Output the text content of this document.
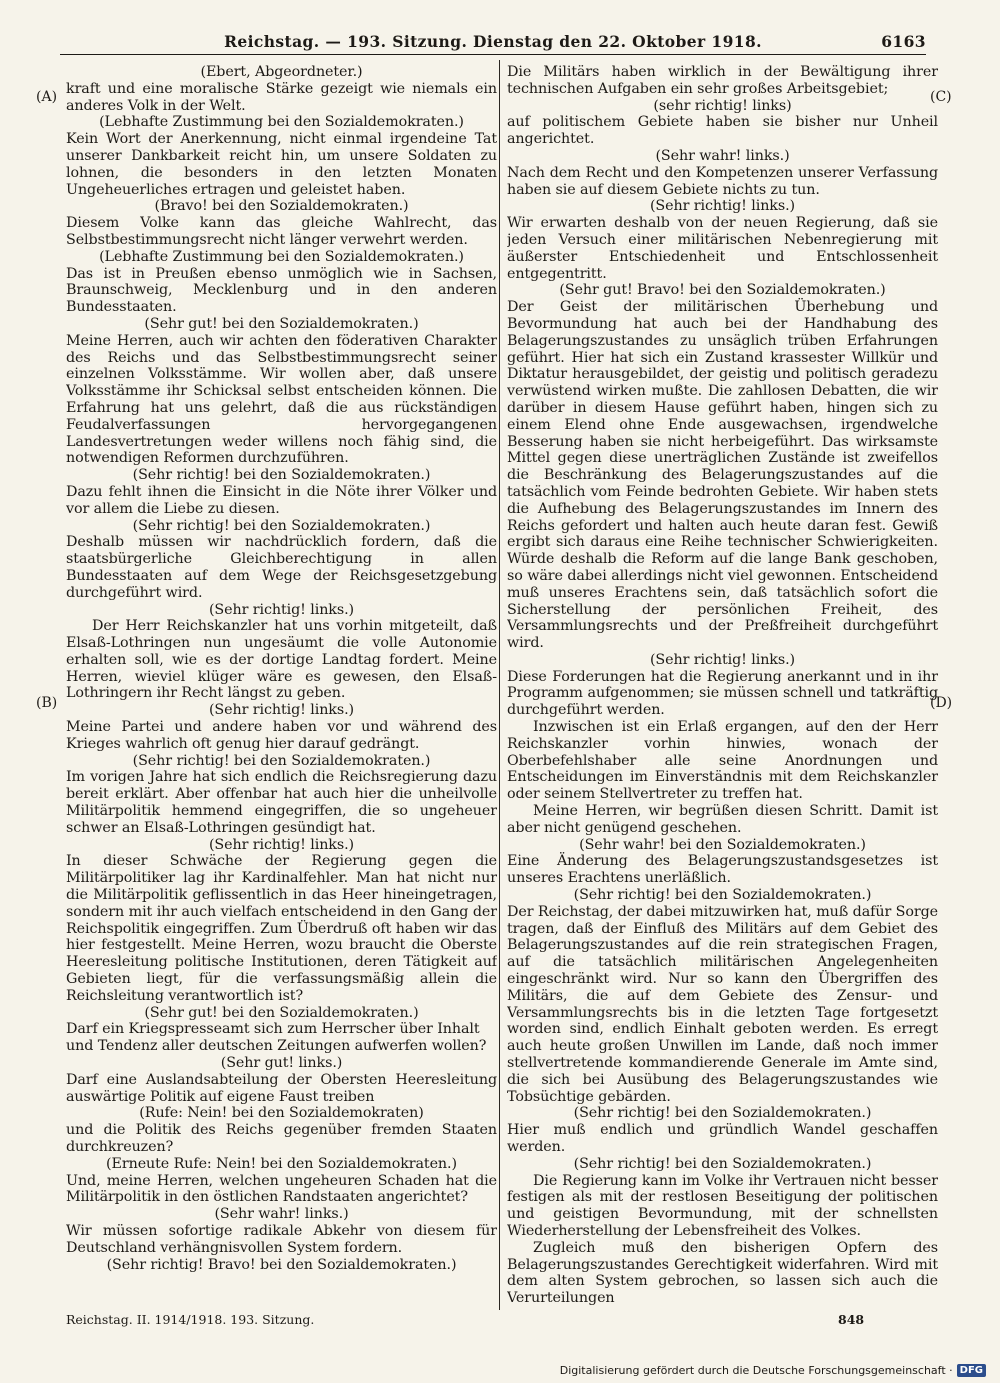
Reichstag. — 193. Sitzung. Dienstag den 22. Oktober 1918.	6163
(A)
(B)
(C)
(D)

(Ebert, Abgeordneter.)

kraft und eine moralische Stärke gezeigt wie niemals ein anderes Volk in der Welt.

(Lebhafte Zustimmung bei den Sozialdemokraten.)

Kein Wort der Anerkennung, nicht einmal irgendeine Tat unserer Dankbarkeit reicht hin, um unsere Soldaten zu lohnen, die besonders in den letzten Monaten Ungeheuerliches ertragen und geleistet haben.

(Bravo! bei den Sozialdemokraten.)

Diesem Volke kann das gleiche Wahlrecht, das Selbstbestimmungsrecht nicht länger verwehrt werden.

(Lebhafte Zustimmung bei den Sozialdemokraten.)

Das ist in Preußen ebenso unmöglich wie in Sachsen, Braunschweig, Mecklenburg und in den anderen Bundesstaaten.

(Sehr gut! bei den Sozialdemokraten.)

Meine Herren, auch wir achten den föderativen Charakter des Reichs und das Selbstbestimmungsrecht seiner einzelnen Volksstämme. Wir wollen aber, daß unsere Volksstämme ihr Schicksal selbst entscheiden können. Die Erfahrung hat uns gelehrt, daß die aus rückständigen Feudalverfassungen hervorgegangenen Landesvertretungen weder willens noch fähig sind, die notwendigen Reformen durchzuführen.

(Sehr richtig! bei den Sozialdemokraten.)

Dazu fehlt ihnen die Einsicht in die Nöte ihrer Völker und vor allem die Liebe zu diesen.

(Sehr richtig! bei den Sozialdemokraten.)

Deshalb müssen wir nachdrücklich fordern, daß die staatsbürgerliche Gleichberechtigung in allen Bundesstaaten auf dem Wege der Reichsgesetzgebung durchgeführt wird.

(Sehr richtig! links.)

Der Herr Reichskanzler hat uns vorhin mitgeteilt, daß Elsaß-Lothringen nun ungesäumt die volle Autonomie erhalten soll, wie es der dortige Landtag fordert. Meine Herren, wieviel klüger wäre es gewesen, den Elsaß-Lothringern ihr Recht längst zu geben.

(Sehr richtig! links.)

Meine Partei und andere haben vor und während des Krieges wahrlich oft genug hier darauf gedrängt.

(Sehr richtig! bei den Sozialdemokraten.)

Im vorigen Jahre hat sich endlich die Reichsregierung dazu bereit erklärt. Aber offenbar hat auch hier die unheilvolle Militärpolitik hemmend eingegriffen, die so ungeheuer schwer an Elsaß-Lothringen gesündigt hat.

(Sehr richtig! links.)

In dieser Schwäche der Regierung gegen die Militärpolitiker lag ihr Kardinalfehler. Man hat nicht nur die Militärpolitik geflissentlich in das Heer hineingetragen, sondern mit ihr auch vielfach entscheidend in den Gang der Reichspolitik eingegriffen. Zum Überdruß oft haben wir das hier festgestellt. Meine Herren, wozu braucht die Oberste Heeresleitung politische Institutionen, deren Tätigkeit auf Gebieten liegt, für die verfassungsmäßig allein die Reichsleitung verantwortlich ist?

(Sehr gut! bei den Sozialdemokraten.)

Darf ein Kriegspresseamt sich zum Herrscher über Inhalt und Tendenz aller deutschen Zeitungen aufwerfen wollen?

(Sehr gut! links.)

Darf eine Auslandsabteilung der Obersten Heeresleitung auswärtige Politik auf eigene Faust treiben

(Rufe: Nein! bei den Sozialdemokraten)

und die Politik des Reichs gegenüber fremden Staaten durchkreuzen?

(Erneute Rufe: Nein! bei den Sozialdemokraten.)

Und, meine Herren, welchen ungeheuren Schaden hat die Militärpolitik in den östlichen Randstaaten angerichtet?

(Sehr wahr! links.)

Wir müssen sofortige radikale Abkehr von diesem für Deutschland verhängnisvollen System fordern.

(Sehr richtig! Bravo! bei den Sozialdemokraten.)

Die Militärs haben wirklich in der Bewältigung ihrer technischen Aufgaben ein sehr großes Arbeitsgebiet;

(sehr richtig! links)

auf politischem Gebiete haben sie bisher nur Unheil angerichtet.

(Sehr wahr! links.)

Nach dem Recht und den Kompetenzen unserer Verfassung haben sie auf diesem Gebiete nichts zu tun.

(Sehr richtig! links.)

Wir erwarten deshalb von der neuen Regierung, daß sie jeden Versuch einer militärischen Nebenregierung mit äußerster Entschiedenheit und Entschlossenheit entgegentritt.

(Sehr gut! Bravo! bei den Sozialdemokraten.)

Der Geist der militärischen Überhebung und Bevormundung hat auch bei der Handhabung des Belagerungszustandes zu unsäglich trüben Erfahrungen geführt. Hier hat sich ein Zustand krassester Willkür und Diktatur herausgebildet, der geistig und politisch geradezu verwüstend wirken mußte. Die zahllosen Debatten, die wir darüber in diesem Hause geführt haben, hingen sich zu einem Elend ohne Ende ausgewachsen, irgendwelche Besserung haben sie nicht herbeigeführt. Das wirksamste Mittel gegen diese unerträglichen Zustände ist zweifellos die Beschränkung des Belagerungszustandes auf die tatsächlich vom Feinde bedrohten Gebiete. Wir haben stets die Aufhebung des Belagerungszustandes im Innern des Reichs gefordert und halten auch heute daran fest. Gewiß ergibt sich daraus eine Reihe technischer Schwierigkeiten. Würde deshalb die Reform auf die lange Bank geschoben, so wäre dabei allerdings nicht viel gewonnen. Entscheidend muß unseres Erachtens sein, daß tatsächlich sofort die Sicherstellung der persönlichen Freiheit, des Versammlungsrechts und der Preßfreiheit durchgeführt wird.

(Sehr richtig! links.)

Diese Forderungen hat die Regierung anerkannt und in ihr Programm aufgenommen; sie müssen schnell und tatkräftig durchgeführt werden.

Inzwischen ist ein Erlaß ergangen, auf den der Herr Reichskanzler vorhin hinwies, wonach der Oberbefehlshaber alle seine Anordnungen und Entscheidungen im Einverständnis mit dem Reichskanzler oder seinem Stellvertreter zu treffen hat.

Meine Herren, wir begrüßen diesen Schritt. Damit ist aber nicht genügend geschehen.

(Sehr wahr! bei den Sozialdemokraten.)

Eine Änderung des Belagerungszustandsgesetzes ist unseres Erachtens unerläßlich.

(Sehr richtig! bei den Sozialdemokraten.)

Der Reichstag, der dabei mitzuwirken hat, muß dafür Sorge tragen, daß der Einfluß des Militärs auf dem Gebiet des Belagerungszustandes auf die rein strategischen Fragen, auf die tatsächlich militärischen Angelegenheiten eingeschränkt wird. Nur so kann den Übergriffen des Militärs, die auf dem Gebiete des Zensur- und Versammlungsrechts bis in die letzten Tage fortgesetzt worden sind, endlich Einhalt geboten werden. Es erregt auch heute großen Unwillen im Lande, daß noch immer stellvertretende kommandierende Generale im Amte sind, die sich bei Ausübung des Belagerungszustandes wie Tobsüchtige gebärden.

(Sehr richtig! bei den Sozialdemokraten.)

Hier muß endlich und gründlich Wandel geschaffen werden.

(Sehr richtig! bei den Sozialdemokraten.)

Die Regierung kann im Volke ihr Vertrauen nicht besser festigen als mit der restlosen Beseitigung der politischen und geistigen Bevormundung, mit der schnellsten Wiederherstellung der Lebensfreiheit des Volkes.

Zugleich muß den bisherigen Opfern des Belagerungszustandes Gerechtigkeit widerfahren. Wird mit dem alten System gebrochen, so lassen sich auch die Verurteilungen

Reichstag. II. 1914/1918. 193. Sitzung.	848
Digitalisierung gefördert durch die Deutsche Forschungsgemeinschaft · DFG
